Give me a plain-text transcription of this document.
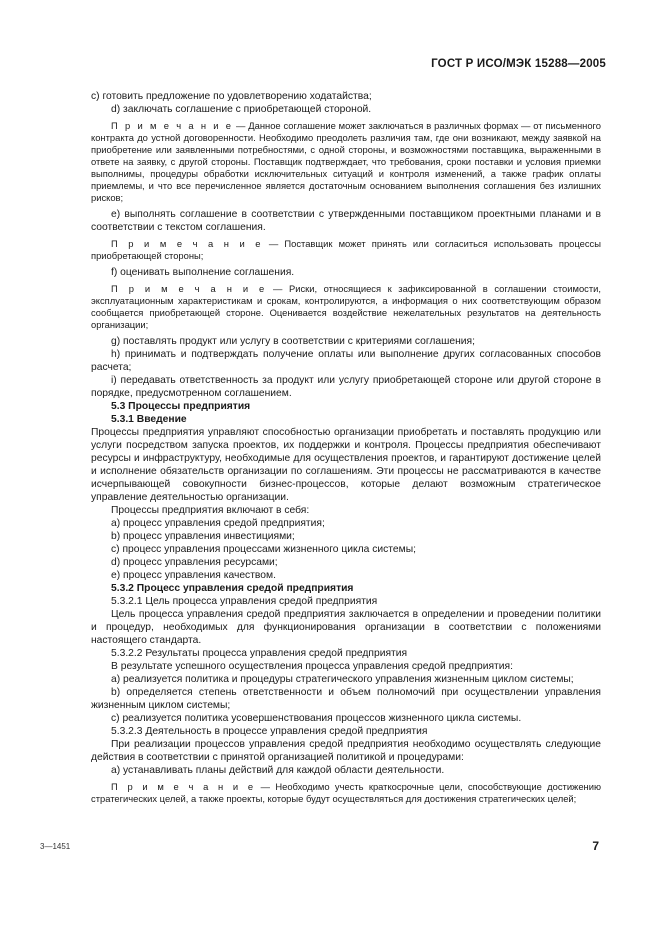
ГОСТ Р ИСО/МЭК 15288—2005

c) готовить предложение по удовлетворению ходатайства;

d) заключать соглашение с приобретающей стороной.

П р и м е ч а н и е — Данное соглашение может заключаться в различных формах — от письменного контракта до устной договоренности. Необходимо преодолеть различия там, где они возникают, между заявкой на приобретение или заявленными потребностями, с одной стороны, и возможностями поставщика, выраженными в ответе на заявку, с другой стороны. Поставщик подтверждает, что требования, сроки поставки и условия приемки выполнимы, процедуры обработки исключительных ситуаций и контроля изменений, а также график оплаты приемлемы, и что все перечисленное является достаточным основанием выполнения соглашения без излишних рисков;

e) выполнять соглашение в соответствии с утвержденными поставщиком проектными планами и в соответствии с текстом соглашения.

П р и м е ч а н и е — Поставщик может принять или согласиться использовать процессы приобретающей стороны;

f) оценивать выполнение соглашения.

П р и м е ч а н и е — Риски, относящиеся к зафиксированной в соглашении стоимости, эксплуатационным характеристикам и срокам, контролируются, а информация о них соответствующим образом сообщается приобретающей стороне. Оценивается воздействие нежелательных результатов на деятельность организации;

g) поставлять продукт или услугу в соответствии с критериями соглашения;

h) принимать и подтверждать получение оплаты или выполнение других согласованных способов расчета;

i) передавать ответственность за продукт или услугу приобретающей стороне или другой стороне в порядке, предусмотренном соглашением.

5.3 Процессы предприятия

5.3.1 Введение

Процессы предприятия управляют способностью организации приобретать и поставлять продукцию или услуги посредством запуска проектов, их поддержки и контроля. Процессы предприятия обеспечивают ресурсы и инфраструктуру, необходимые для осуществления проектов, и гарантируют достижение целей и исполнение обязательств организации по соглашениям. Эти процессы не рассматриваются в качестве исчерпывающей совокупности бизнес-процессов, которые делают возможным стратегическое управление деятельностью организации.

Процессы предприятия включают в себя:

a) процесс управления средой предприятия;

b) процесс управления инвестициями;

c) процесс управления процессами жизненного цикла системы;

d) процесс управления ресурсами;

e) процесс управления качеством.

5.3.2 Процесс управления средой предприятия

5.3.2.1 Цель процесса управления средой предприятия

Цель процесса управления средой предприятия заключается в определении и проведении политики и процедур, необходимых для функционирования организации в соответствии с положениями настоящего стандарта.

5.3.2.2 Результаты процесса управления средой предприятия

В результате успешного осуществления процесса управления средой предприятия:

a) реализуется политика и процедуры стратегического управления жизненным циклом системы;

b) определяется степень ответственности и объем полномочий при осуществлении управления жизненным циклом системы;

c) реализуется политика усовершенствования процессов жизненного цикла системы.

5.3.2.3 Деятельность в процессе управления средой предприятия

При реализации процессов управления средой предприятия необходимо осуществлять следующие действия в соответствии с принятой организацией политикой и процедурами:

a) устанавливать планы действий для каждой области деятельности.

П р и м е ч а н и е — Необходимо учесть краткосрочные цели, способствующие достижению стратегических целей, а также проекты, которые будут осуществляться для достижения стратегических целей;

3—1451	7
